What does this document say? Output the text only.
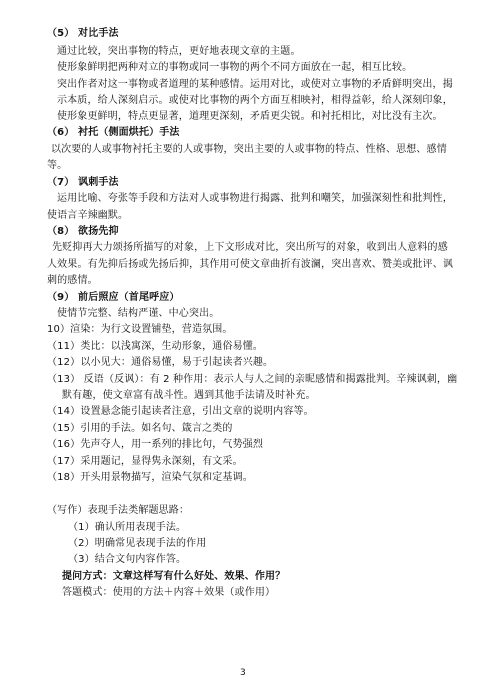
（5） 对比手法
通过比较，突出事物的特点，更好地表现文章的主题。
使形象鲜明把两种对立的事物或同一事物的两个不同方面放在一起，相互比较。
突出作者对这一事物或者道理的某种感情。运用对比，或使对立事物的矛盾鲜明突出，揭
示本质，给人深刻启示。或使对比事物的两个方面互相映衬，相得益彰，给人深刻印象，
使形象更鲜明，特点更显著，道理更深刻，矛盾更尖锐。和衬托相比，对比没有主次。
（6） 衬托（侧面烘托）手法
以次要的人或事物衬托主要的人或事物，突出主要的人或事物的特点、性格、思想、感情
等。
（7） 讽刺手法
运用比喻、夸张等手段和方法对人或事物进行揭露、批判和嘲笑，加强深刻性和批判性，
使语言辛辣幽默。
（8） 欲扬先抑
先贬抑再大力颂扬所描写的对象，上下文形成对比，突出所写的对象，收到出人意料的感
人效果。有先抑后扬或先扬后抑，其作用可使文章曲折有波澜，突出喜欢、赞美或批评、讽
刺的感情。
（9） 前后照应（首尾呼应）
使情节完整、结构严谨、中心突出。
10）渲染：为行文设置铺垫，营造氛围。
（11）类比：以浅寓深，生动形象，通俗易懂。
（12）以小见大：通俗易懂，易于引起读者兴趣。
（13） 反语（反讽）：有 2 种作用：表示人与人之间的亲昵感情和揭露批判。辛辣讽刺，幽
默有趣，使文章富有战斗性。遇到其他手法请及时补充。
（14）设置悬念能引起读者注意，引出文章的说明内容等。
（15）引用的手法。如名句、箴言之类的
（16）先声夺人，用一系列的排比句，气势强烈
（17）采用题记，显得隽永深刻，有文采。
（18）开头用景物描写，渲染气氛和定基调。
（写作）表现手法类解题思路：
（1）确认所用表现手法。
（2）明确常见表现手法的作用
（3）结合文句内容作答。
提问方式：文章这样写有什么好处、效果、作用？
答题模式：使用的方法＋内容＋效果（或作用）
3
